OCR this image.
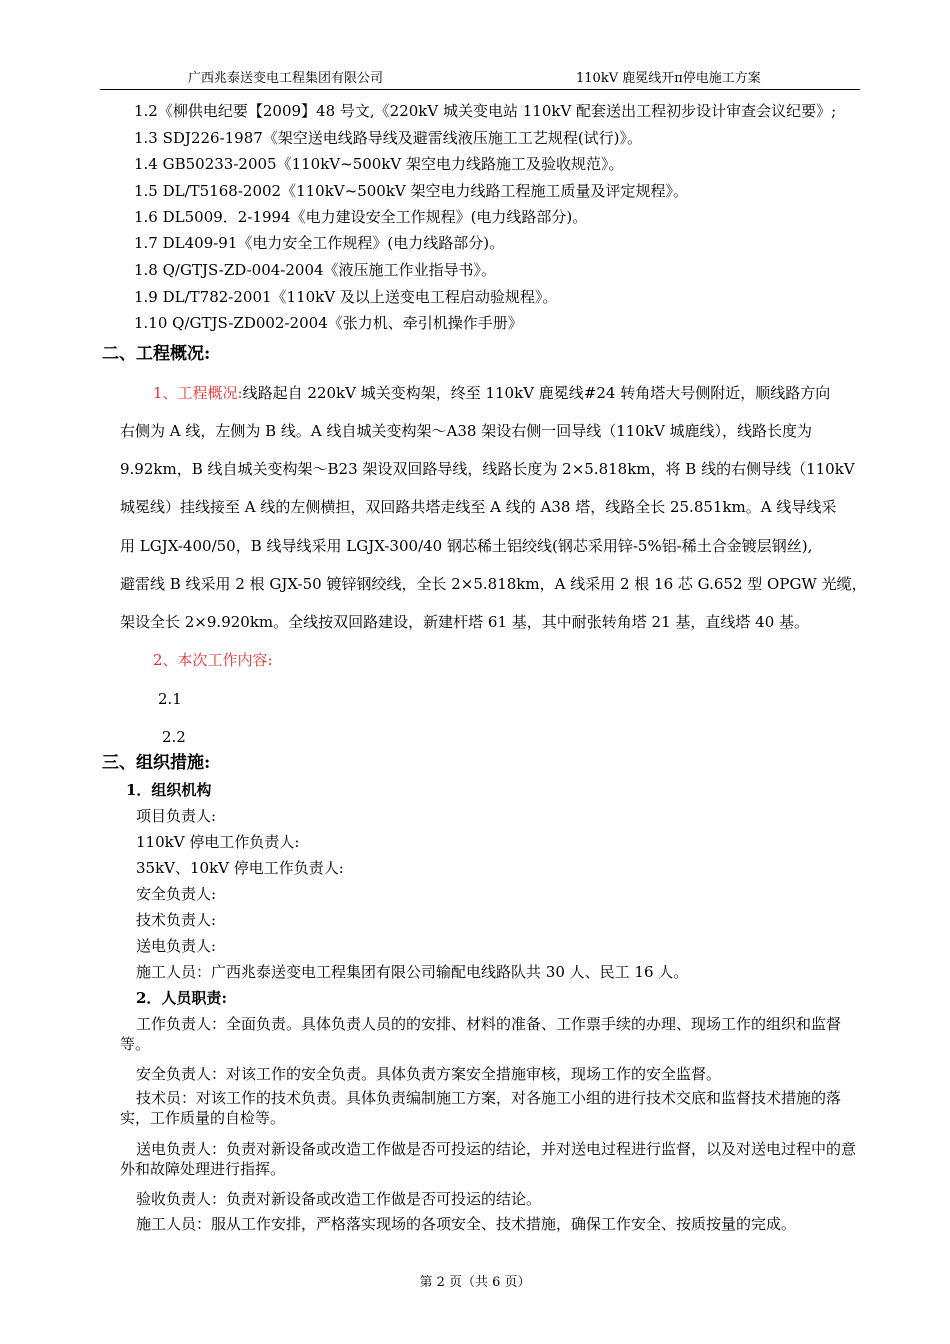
广西兆泰送变电工程集团有限公司	110kV 鹿冕线开π停电施工方案
1.2《柳供电纪要【2009】48 号文,《220kV 城关变电站 110kV 配套送出工程初步设计审查会议纪要》;
1.3 SDJ226-1987《架空送电线路导线及避雷线液压施工工艺规程(试行)》。
1.4 GB50233-2005《110kV~500kV 架空电力线路施工及验收规范》。
1.5 DL/T5168-2002《110kV~500kV 架空电力线路工程施工质量及评定规程》。
1.6 DL5009．2-1994《电力建设安全工作规程》(电力线路部分)。
1.7 DL409-91《电力安全工作规程》(电力线路部分)。
1.8 Q/GTJS-ZD-004-2004《液压施工作业指导书》。
1.9 DL/T782-2001《110kV 及以上送变电工程启动验规程》。
1.10 Q/GTJS-ZD002-2004《张力机、牵引机操作手册》
二、工程概况:
1、工程概况:线路起自 220kV 城关变构架，终至 110kV 鹿冕线#24 转角塔大号侧附近，顺线路方向
右侧为 A 线，左侧为 B 线。A 线自城关变构架～A38 架设右侧一回导线（110kV 城鹿线），线路长度为
9.92km，B 线自城关变构架～B23 架设双回路导线，线路长度为 2×5.818km，将 B 线的右侧导线（110kV
城冕线）挂线接至 A 线的左侧横担，双回路共塔走线至 A 线的 A38 塔，线路全长 25.851km。A 线导线采
用 LGJX-400/50，B 线导线采用 LGJX-300/40 钢芯稀土铝绞线(钢芯采用锌-5%铝-稀土合金镀层钢丝),
避雷线 B 线采用 2 根 GJX-50 镀锌钢绞线，全长 2×5.818km，A 线采用 2 根 16 芯 G.652 型 OPGW 光缆，
架设全长 2×9.920km。全线按双回路建设，新建杆塔 61 基，其中耐张转角塔 21 基，直线塔 40 基。
2、本次工作内容:
2.1
2.2
三、组织措施:
1．组织机构
项目负责人:
110kV 停电工作负责人:
35kV、10kV 停电工作负责人:
安全负责人:
技术负责人:
送电负责人:
施工人员：广西兆泰送变电工程集团有限公司输配电线路队共 30 人、民工 16 人。
2．人员职责:
工作负责人：全面负责。具体负责人员的的安排、材料的准备、工作票手续的办理、现场工作的组织和监督等。
安全负责人：对该工作的安全负责。具体负责方案安全措施审核，现场工作的安全监督。
技术员：对该工作的技术负责。具体负责编制施工方案，对各施工小组的进行技术交底和监督技术措施的落实，工作质量的自检等。
送电负责人：负责对新设备或改造工作做是否可投运的结论，并对送电过程进行监督，以及对送电过程中的意外和故障处理进行指挥。
验收负责人：负责对新设备或改造工作做是否可投运的结论。
施工人员：服从工作安排，严格落实现场的各项安全、技术措施，确保工作安全、按质按量的完成。
第 2 页（共 6 页）
